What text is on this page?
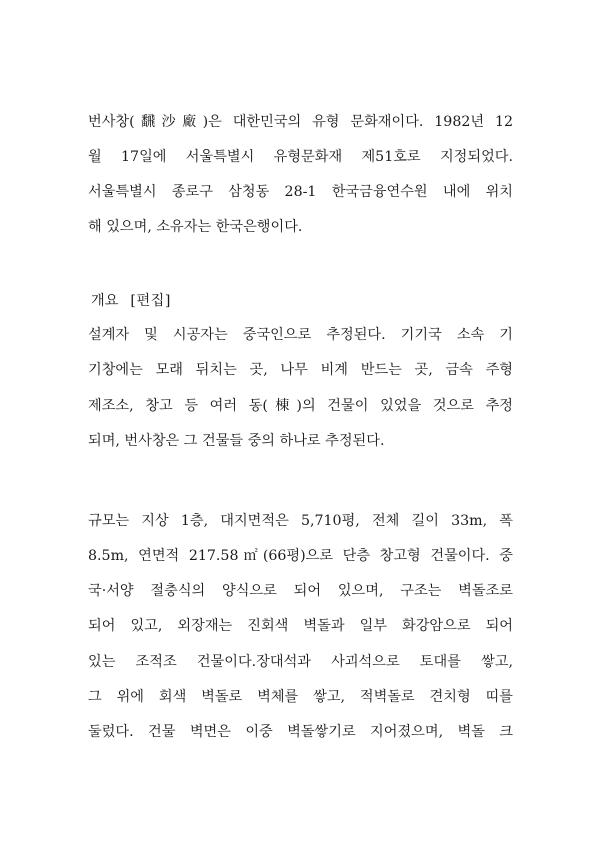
번사창(飜沙廠)은 대한민국의 유형 문화재이다. 1982년 12
월 17일에 서울특별시 유형문화재 제51호로 지정되었다.
서울특별시 종로구 삼청동 28-1 한국금융연수원 내에 위치
해 있으며, 소유자는 한국은행이다.
개요 [편집]
설계자 및 시공자는 중국인으로 추정된다. 기기국 소속 기
기창에는 모래 뒤치는 곳, 나무 비계 반드는 곳, 금속 주형
제조소, 창고 등 여러 동(棟)의 건물이 있었을 것으로 추정
되며, 번사창은 그 건물들 중의 하나로 추정된다.
규모는 지상 1층, 대지면적은 5,710평, 전체 길이 33m, 폭
8.5m, 연면적 217.58㎡(66평)으로 단층 창고형 건물이다. 중
국·서양 절충식의 양식으로 되어 있으며, 구조는 벽돌조로
되어 있고, 외장재는 진회색 벽돌과 일부 화강암으로 되어
있는 조적조 건물이다.장대석과 사괴석으로 토대를 쌓고,
그 위에 회색 벽돌로 벽체를 쌓고, 적벽돌로 견치형 띠를
둘렀다. 건물 벽면은 이중 벽돌쌓기로 지어졌으며, 벽돌 크
